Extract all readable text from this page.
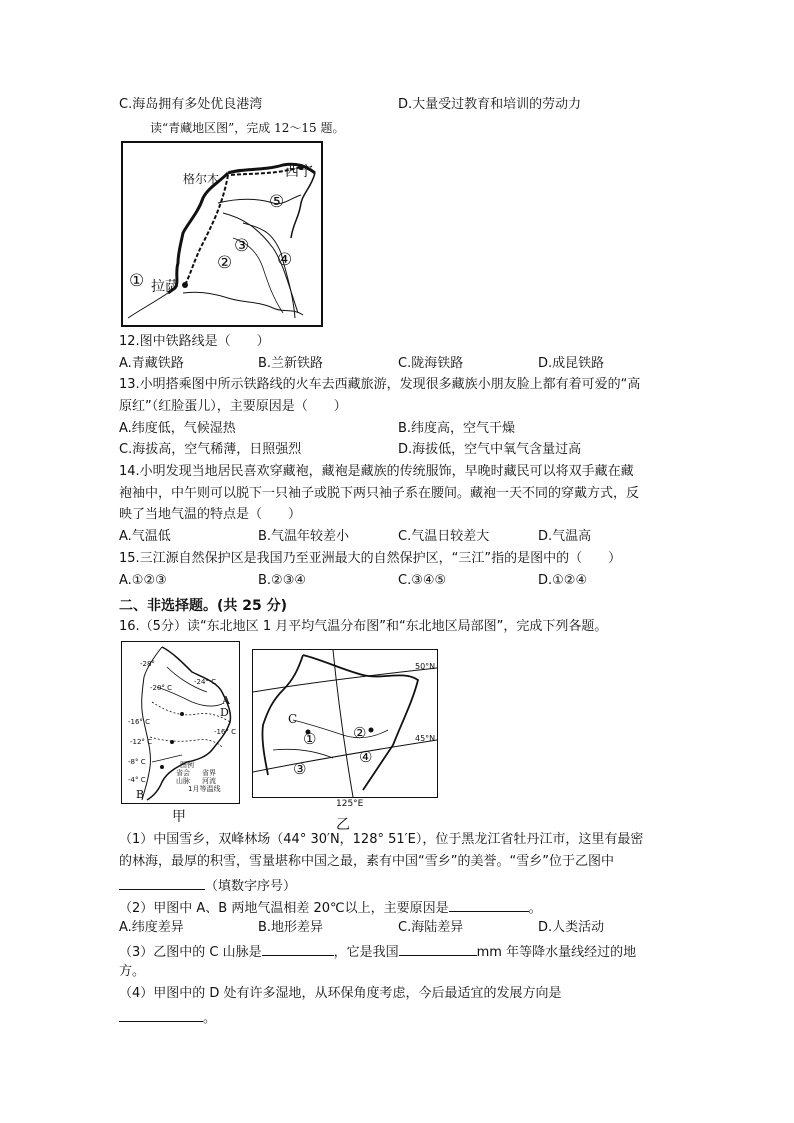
C.海岛拥有多处优良港湾	D.大量受过教育和培训的劳动力
读“青藏地区图”，完成 12～15 题。
格尔木	西宁
拉萨
①
②
③
④
⑤
12.图中铁路线是（　　）
A.青藏铁路	B.兰新铁路	C.陇海铁路	D.成昆铁路
13.小明搭乘图中所示铁路线的火车去西藏旅游，发现很多藏族小朋友脸上都有着可爱的“高
原红”（红脸蛋儿），主要原因是（　　）
A.纬度低，气候湿热	B.纬度高，空气干燥
C.海拔高，空气稀薄，日照强烈	D.海拔低，空气中氧气含量过高
14.小明发现当地居民喜欢穿藏袍，藏袍是藏族的传统服饰，早晚时藏民可以将双手藏在藏
袍袖中，中午则可以脱下一只袖子或脱下两只袖子系在腰间。藏袍一天不同的穿戴方式，反
映了当地气温的特点是（　　）
A.气温低	B.气温年较差小	C.气温日较差大	D.气温高
15.三江源自然保护区是我国乃至亚洲最大的自然保护区，“三江”指的是图中的（　　）
A.①②③	B.②③④	C.③④⑤	D.①②④
二、非选择题。(共 25 分)
16.（5分）读“东北地区 1 月平均气温分布图”和“东北地区局部图”，完成下列各题。
-28°
-24° C
-20° C
-16° C
-16° C
-12° C
-8° C
-4° C
A
B
D
图例
省会 省界
山脉 河流
1月等温线
50°N
45°N
C
① ②
③
④
125°E
甲	乙
（1）中国雪乡，双峰林场（44° 30′N，128° 51′E），位于黑龙江省牡丹江市，这里有最密
的林海，最厚的积雪，雪量堪称中国之最，素有中国“雪乡”的美誉。“雪乡”位于乙图中
（填数字序号）
（2）甲图中 A、B 两地气温相差 20℃以上，主要原因是	。
A.纬度差异	B.地形差异	C.海陆差异	D.人类活动
（3）乙图中的 C 山脉是	，它是我国	mm 年等降水量线经过的地
方。
（4）甲图中的 D 处有许多湿地，从环保角度考虑，今后最适宜的发展方向是
。
